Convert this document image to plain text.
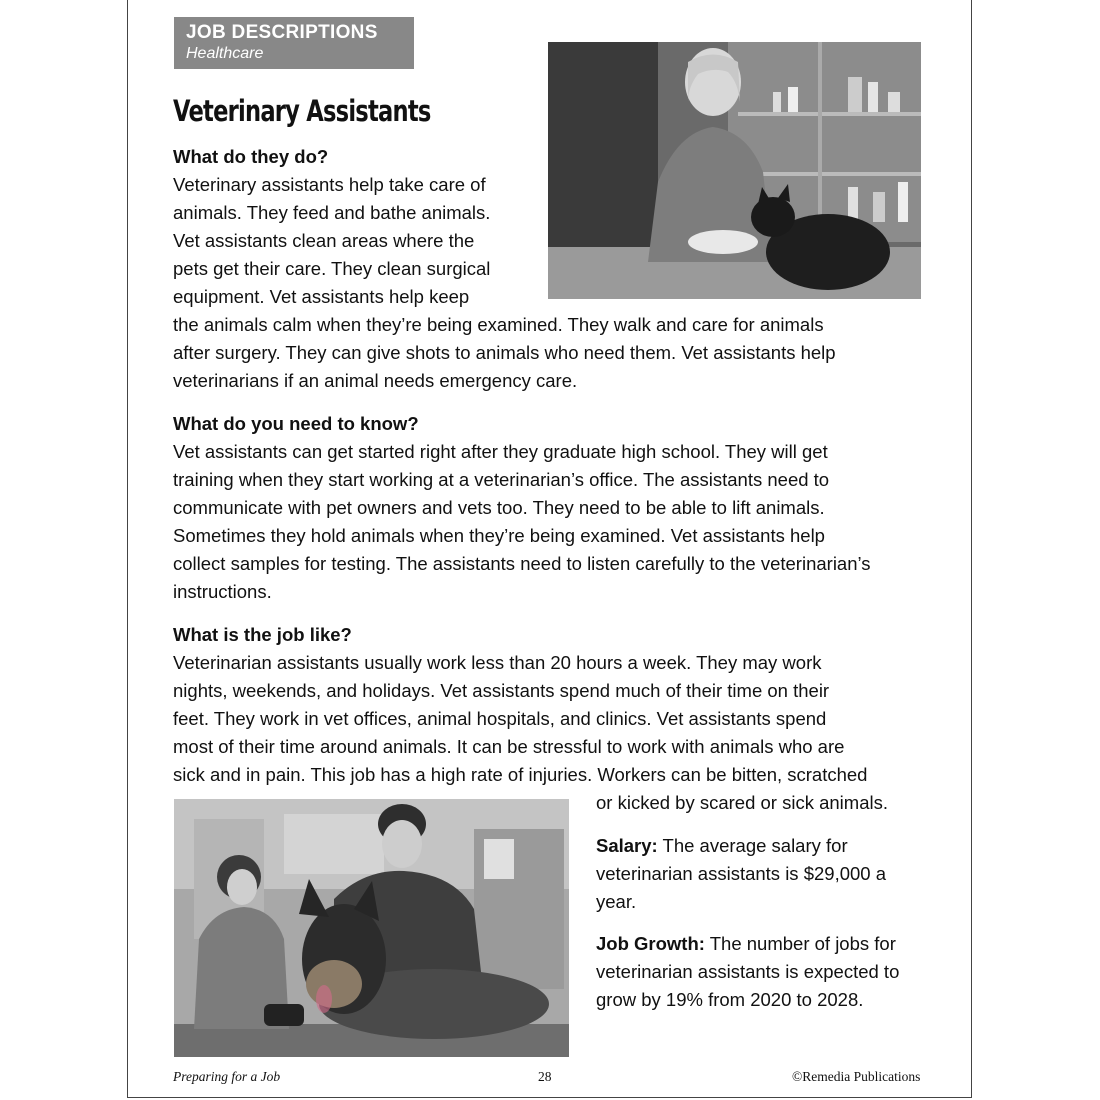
JOB DESCRIPTIONS
Healthcare
Veterinary Assistants
What do they do?
Veterinary assistants help take care of
animals. They feed and bathe animals.
Vet assistants clean areas where the
pets get their care. They clean surgical
equipment. Vet assistants help keep
the animals calm when they’re being examined. They walk and care for animals
after surgery. They can give shots to animals who need them. Vet assistants help
veterinarians if an animal needs emergency care.
What do you need to know?
Vet assistants can get started right after they graduate high school. They will get
training when they start working at a veterinarian’s office. The assistants need to
communicate with pet owners and vets too. They need to be able to lift animals.
Sometimes they hold animals when they’re being examined. Vet assistants help
collect samples for testing. The assistants need to listen carefully to the veterinarian’s
instructions.
What is the job like?
Veterinarian assistants usually work less than 20 hours a week. They may work
nights, weekends, and holidays. Vet assistants spend much of their time on their
feet. They work in vet offices, animal hospitals, and clinics. Vet assistants spend
most of their time around animals. It can be stressful to work with animals who are
sick and in pain. This job has a high rate of injuries. Workers can be bitten, scratched
or kicked by scared or sick animals.
Salary: The average salary for
veterinarian assistants is $29,000 a
year.
Job Growth: The number of jobs for
veterinarian assistants is expected to
grow by 19% from 2020 to 2028.
Preparing for a Job	28	©Remedia Publications
